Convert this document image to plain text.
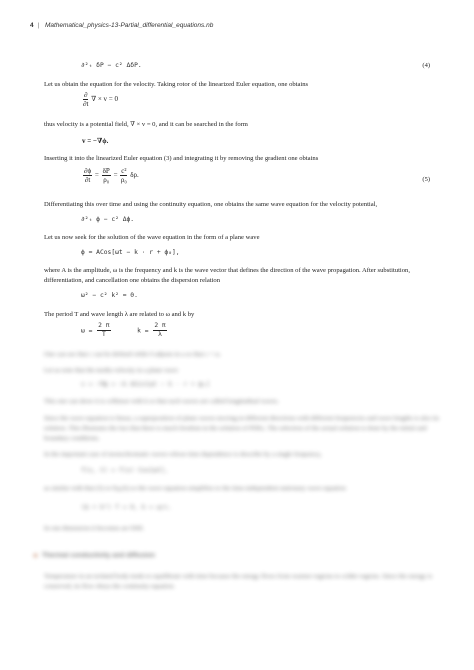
4 | Mathematical_physics-13-Partial_differential_equations.nb
∂²ₜ δP − c² ΔδP.	(4)
Let us obtain the equation for the velocity. Taking rotor of the linearized Euler equation, one obtains
$\frac{\partial}{\partial t}$ ∇ × v = 0
thus velocity is a potential field, ∇ × v = 0, and it can be searched in the form
v = −∇ϕ.
Inserting it into the linearized Euler equation (3) and integrating it by removing the gradient one obtains
$\frac{\partial\phi}{\partial t} = \frac{\delta P}{\text{ρ₀}} = \frac{\text{c²}}{\text{ρ₀}} \delta\rho$.
(5)
Differentiating this over time and using the continuity equation, one obtains the same wave equation for the velocity potential,
∂²ₜ ϕ − c² Δϕ.
Let us now seek for the solution of the wave equation in the form of a plane wave
ϕ = ACos[ωt − k · r + ϕ₀],
where A is the amplitude, ω is the frequency and k is the wave vector that defines the direction of the wave propagation. After substitution, differentiation, and cancellation one obtains the dispersion relation
ω² − c² k² = 0.
The period T and wave length λ are related to ω and k by
$\omega = \frac{2 \pi}{T}$	$k = \frac{2 \pi}{\lambda}$
One can see that c can be defined while δ adjusts in a so that c = ω.
Let us note that the media velocity in a plane wave
v = −∇ϕ = −k ASin[ωt − k · r + ϕ₀]
This one can show it is collinear with k so that such waves are called longitudinal waves.
Since the wave equation is linear, a superposition of plane waves moving in different directions with different frequencies and wave lengths is also its solution. This illustrates the fact that there is much freedom in the solution of PDEs. The selection of the actual solution is done by the initial and boundary conditions.
In the important case of monochromatic waves whose time dependence is describe by a single frequency,
f(x, t) = f(x) Cos[ωt],
as similar with that (5) or Eq.(6) so the wave equation simplifies to the time-independent stationary wave equation
(Δ + k²) f = 0, k = ω/c.
In one dimension it becomes an ODE.
Thermal conductivity and diffusion
Temperature in an isolated body tends to equilibrate with time because the energy flows from warmer regions to colder regions. Since the energy is conserved, its flow obeys the continuity equation.
